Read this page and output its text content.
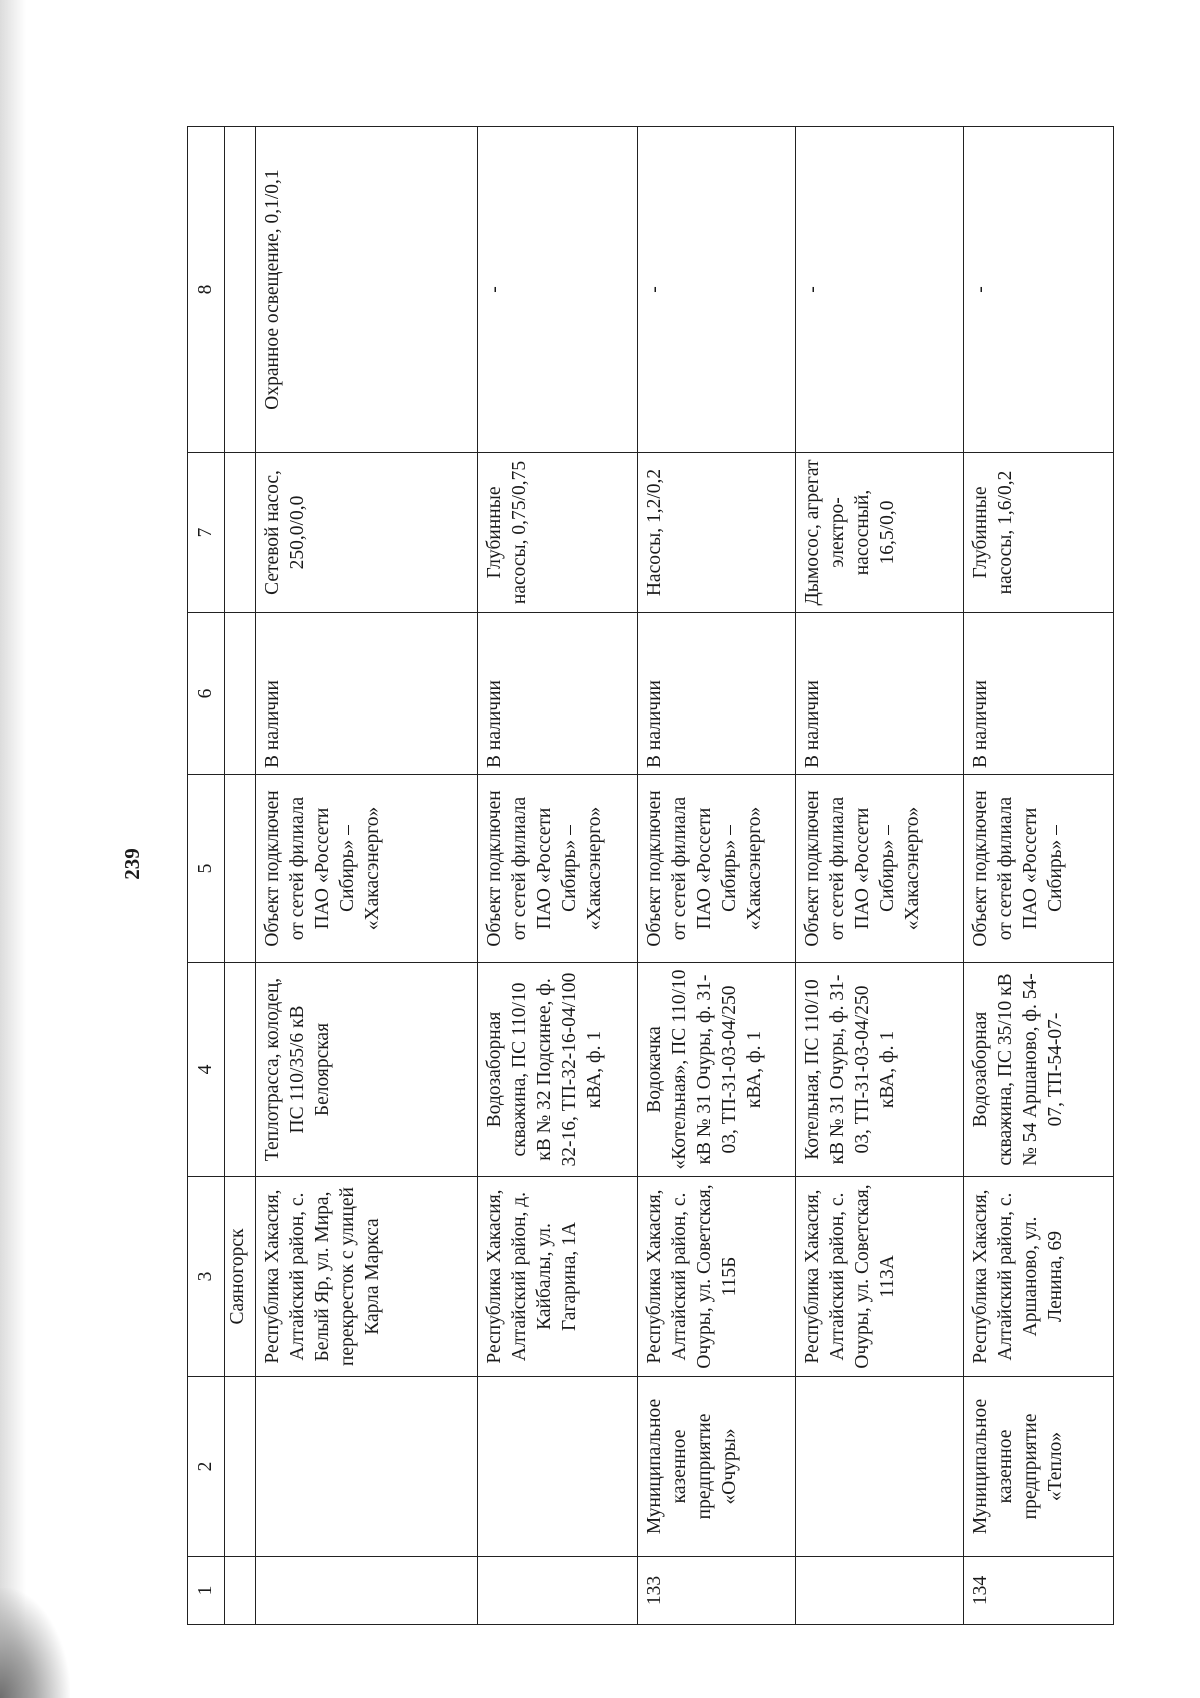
239
1	2	3	4	5	6	7	8
		Саяногорск					
		Республика Хакасия, Алтайский район, с. Белый Яр, ул. Мира, перекресток с улицей Карла Маркса	Теплотрасса, колодец, ПС 110/35/6 кВ Белоярская	Объект подключен от сетей филиала ПАО «Россети Сибирь» – «Хакасэнерго»	В наличии	Сетевой насос, 250,0/0,0	Охранное освещение, 0,1/0,1
		Республика Хакасия, Алтайский район, д. Кайбалы, ул. Гагарина, 1А	Водозаборная скважина, ПС 110/10 кВ № 32 Подсинее, ф. 32-16, ТП-32-16-04/100 кВА, ф. 1	Объект подключен от сетей филиала ПАО «Россети Сибирь» – «Хакасэнерго»	В наличии	Глубинные насосы, 0,75/0,75	-
133	Муниципальное казенное предприятие «Очуры»	Республика Хакасия, Алтайский район, с. Очуры, ул. Советская, 115Б	Водокачка «Котельная», ПС 110/10 кВ № 31 Очуры, ф. 31-03, ТП-31-03-04/250 кВА, ф. 1	Объект подключен от сетей филиала ПАО «Россети Сибирь» – «Хакасэнерго»	В наличии	Насосы, 1,2/0,2	-
		Республика Хакасия, Алтайский район, с. Очуры, ул. Советская, 113А	Котельная, ПС 110/10 кВ № 31 Очуры, ф. 31-03, ТП-31-03-04/250 кВА, ф. 1	Объект подключен от сетей филиала ПАО «Россети Сибирь» – «Хакасэнерго»	В наличии	Дымосос, агрегат электро-насосный, 16,5/0,0	-
134	Муниципальное казенное предприятие «Тепло»	Республика Хакасия, Алтайский район, с. Аршаново, ул. Ленина, 69	Водозаборная скважина, ПС 35/10 кВ № 54 Аршаново, ф. 54-07, ТП-54-07-	Объект подключен от сетей филиала ПАО «Россети Сибирь» –	В наличии	Глубинные насосы, 1,6/0,2	-
